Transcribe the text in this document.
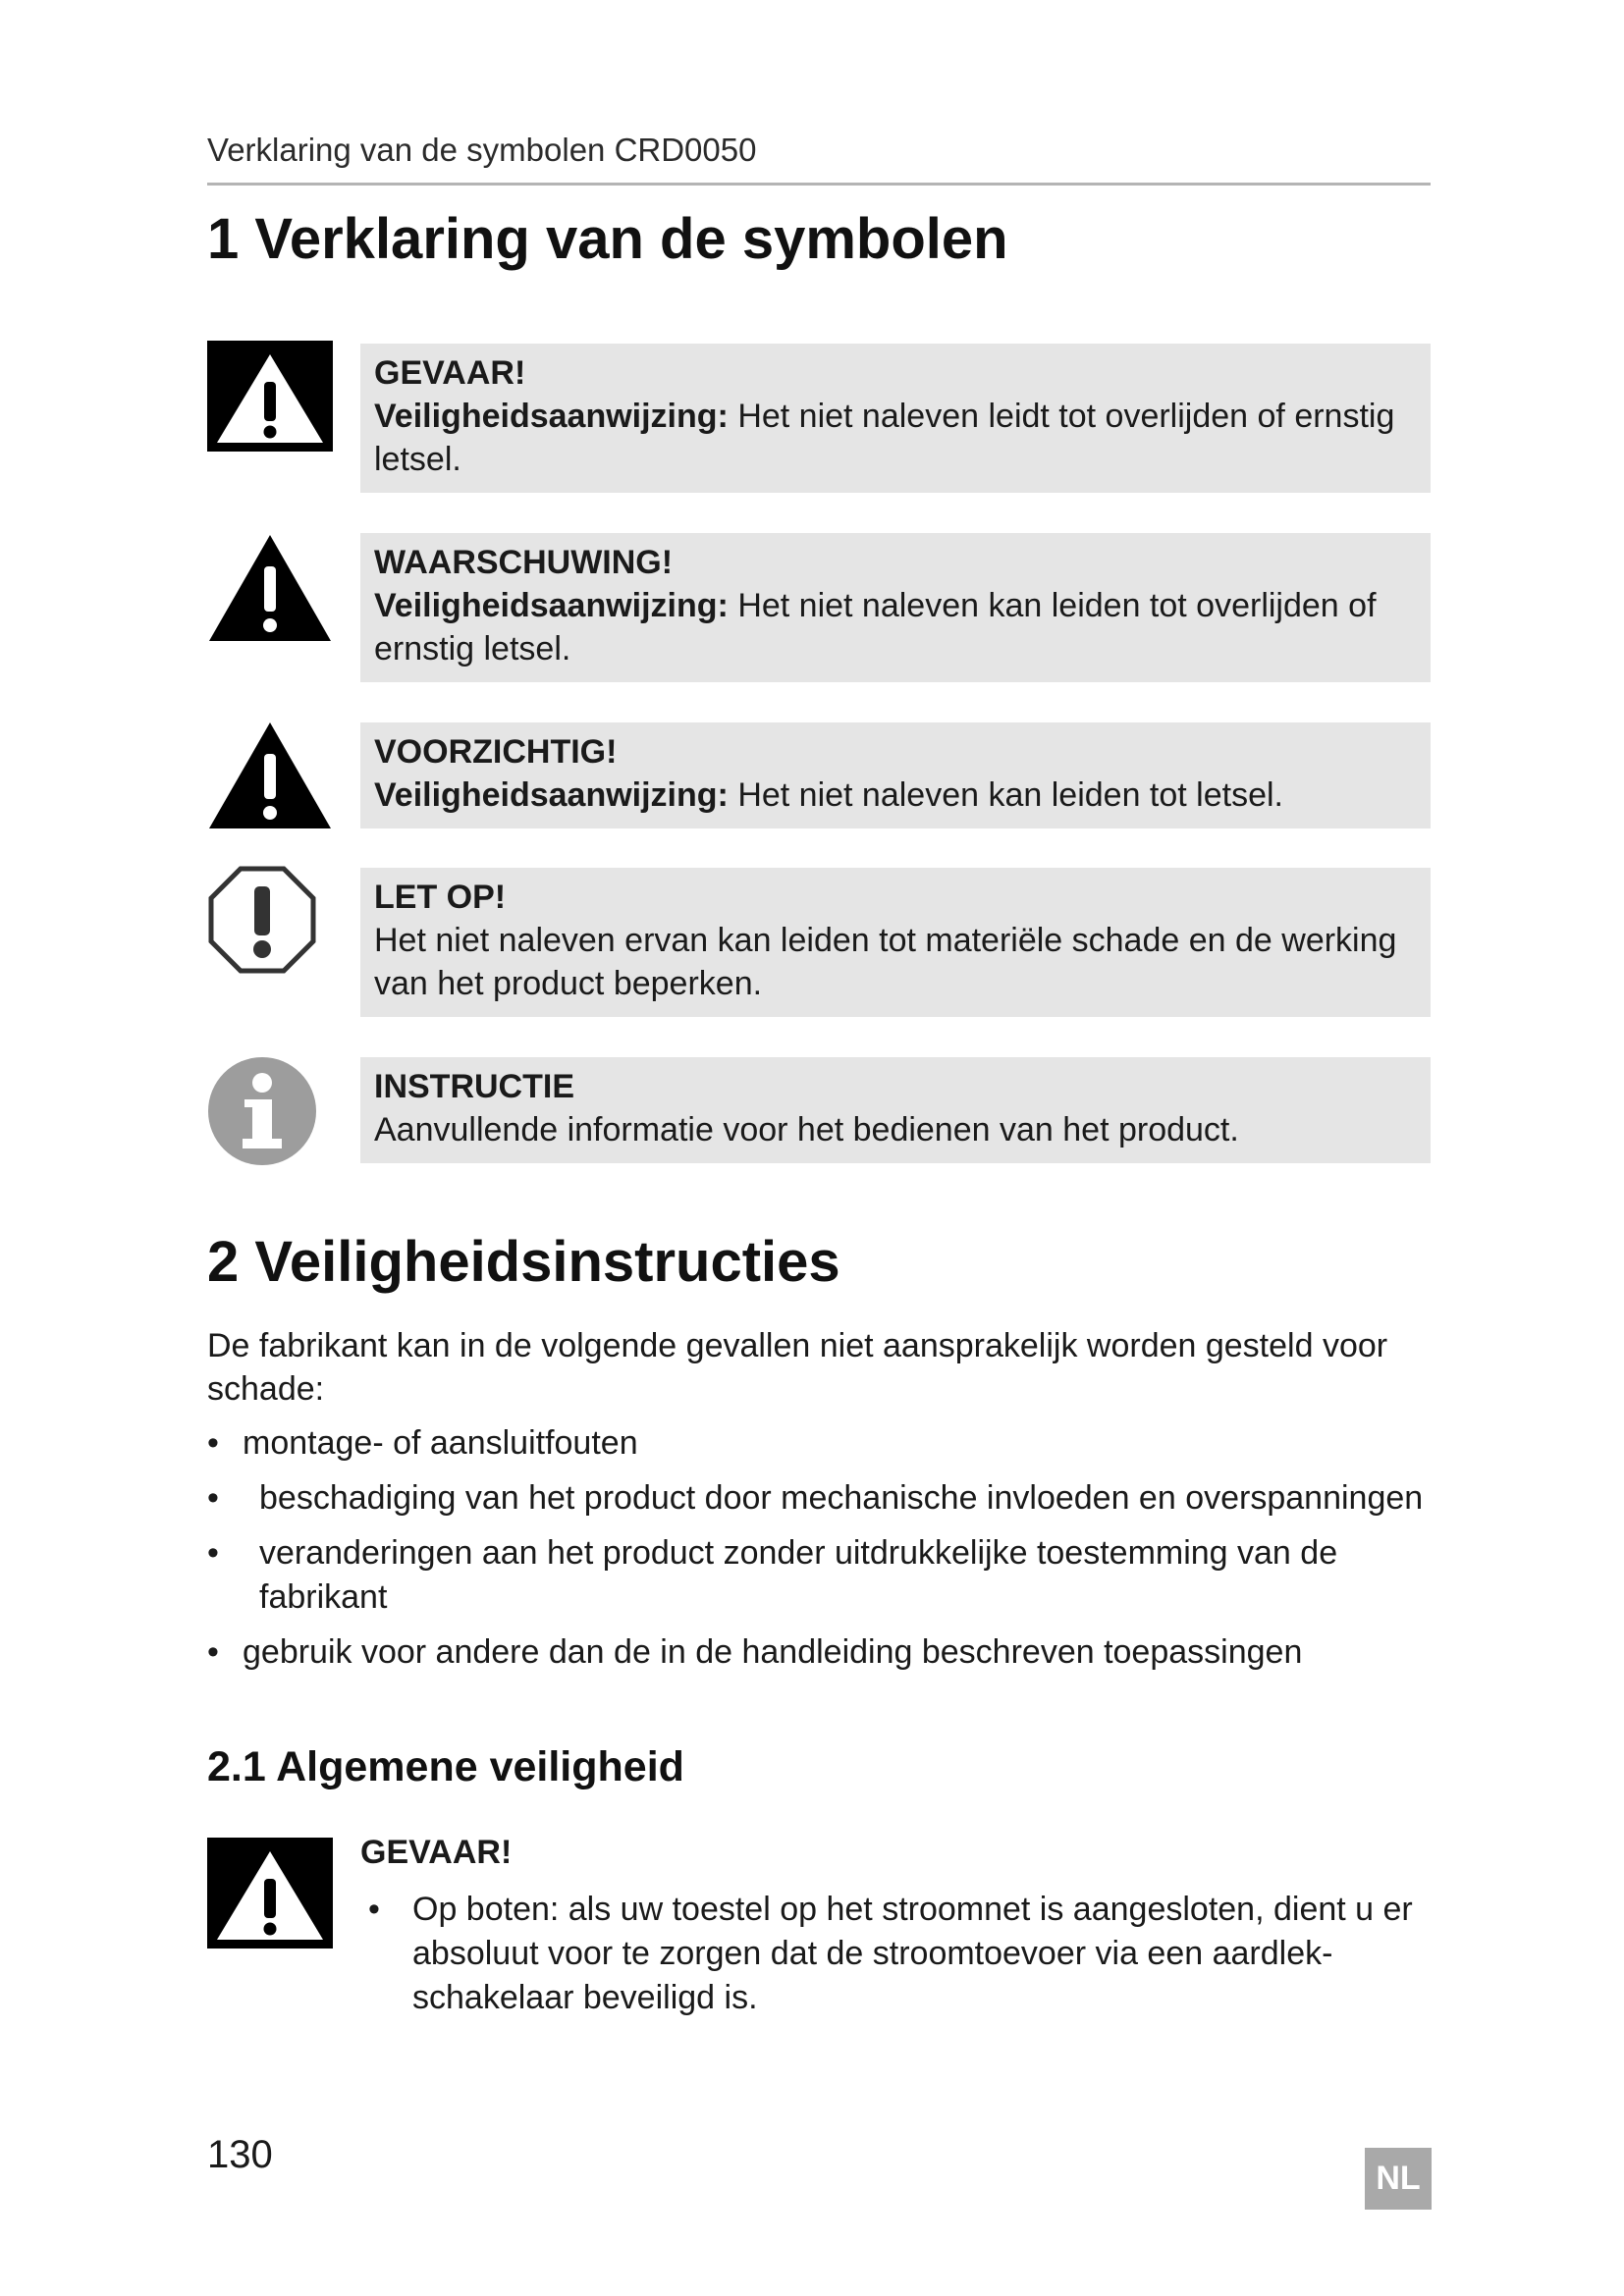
Verklaring van de symbolen CRD0050
1 Verklaring van de symbolen
GEVAAR!
Veiligheidsaanwijzing: Het niet naleven leidt tot overlijden of ernstig letsel.
WAARSCHUWING!
Veiligheidsaanwijzing: Het niet naleven kan leiden tot overlijden of ernstig letsel.
VOORZICHTIG!
Veiligheidsaanwijzing: Het niet naleven kan leiden tot letsel.
LET OP!
Het niet naleven ervan kan leiden tot materiële schade en de werking van het product beperken.
INSTRUCTIE
Aanvullende informatie voor het bedienen van het product.
2 Veiligheidsinstructies
De fabrikant kan in de volgende gevallen niet aansprakelijk worden gesteld voor schade:
• montage- of aansluitfouten
• beschadiging van het product door mechanische invloeden en overspanningen
• veranderingen aan het product zonder uitdrukkelijke toestemming van de fabrikant
• gebruik voor andere dan de in de handleiding beschreven toepassingen
2.1 Algemene veiligheid
GEVAAR!
• Op boten: als uw toestel op het stroomnet is aangesloten, dient u er absoluut voor te zorgen dat de stroomtoevoer via een aardlek-schakelaar beveiligd is.
130
NL
